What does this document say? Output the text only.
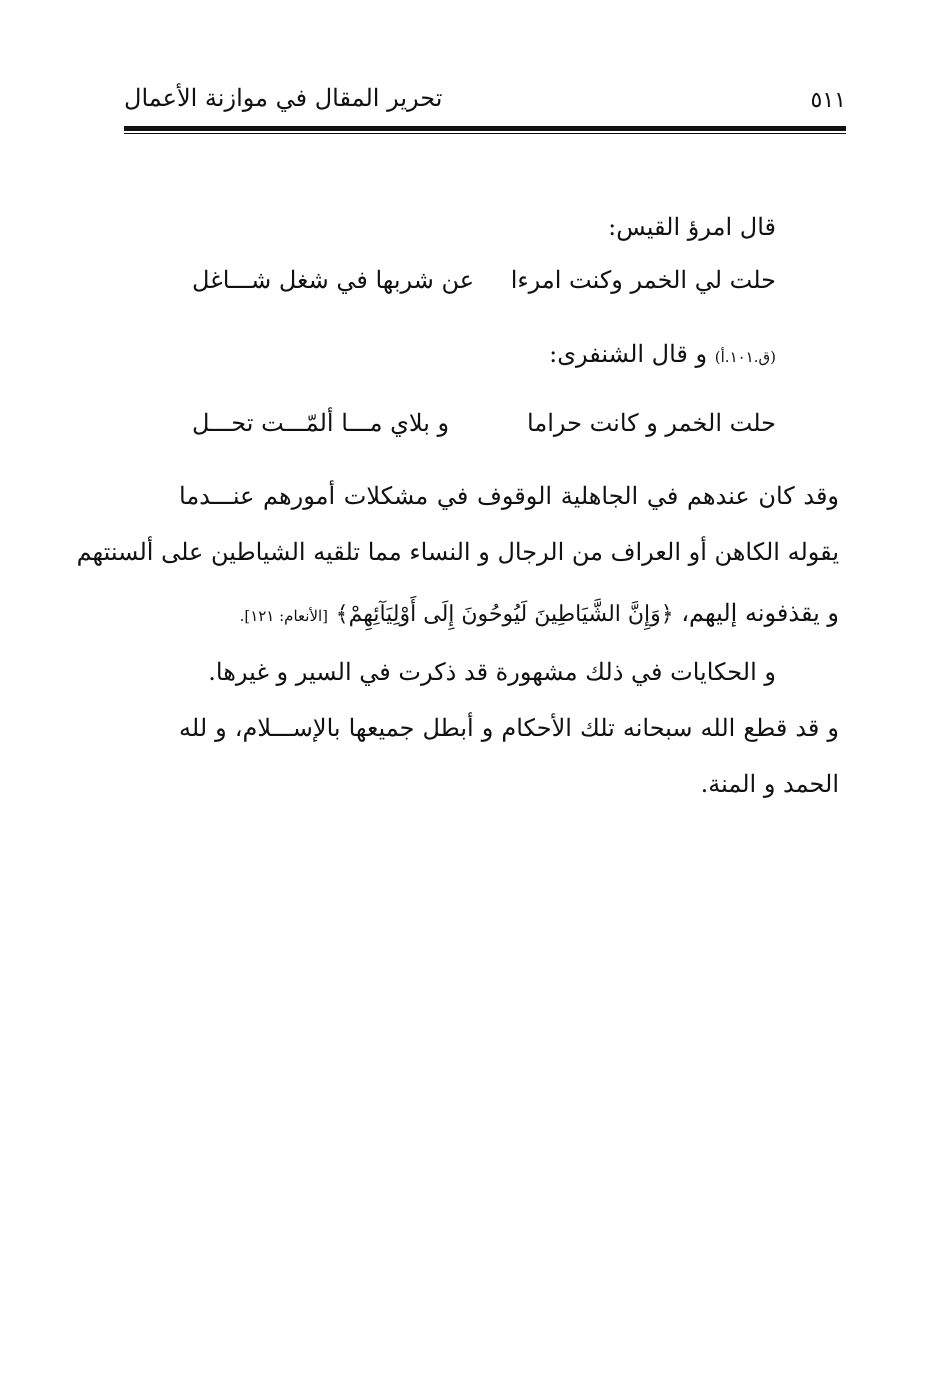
تحرير المقال في موازنة الأعمال	٥١١
قال امرؤ القيس:
حلت لي الخمر وكنت امرءا
عن شربها في شغل شـــاغل
(ق.١٠١.أ) و قال الشنفرى:
حلت الخمر و كانت حراما
و بلاي مـــا ألمّـــت تحـــل
وقد كان عندهم في الجاهلية الوقوف في مشكلات أمورهم عنـــدما
يقوله الكاهن أو العراف من الرجال و النساء مما تلقيه الشياطين على ألسنتهم
و يقذفونه إليهم، ﴿وَإِنَّ الشَّيَاطِينَ لَيُوحُونَ إِلَى أَوْلِيَآئِهِمْ﴾ [الأنعام: ١٢١].
و الحكايات في ذلك مشهورة قد ذكرت في السير و غيرها.
و قد قطع الله سبحانه تلك الأحكام و أبطل جميعها بالإســـلام، و لله
الحمد و المنة.
